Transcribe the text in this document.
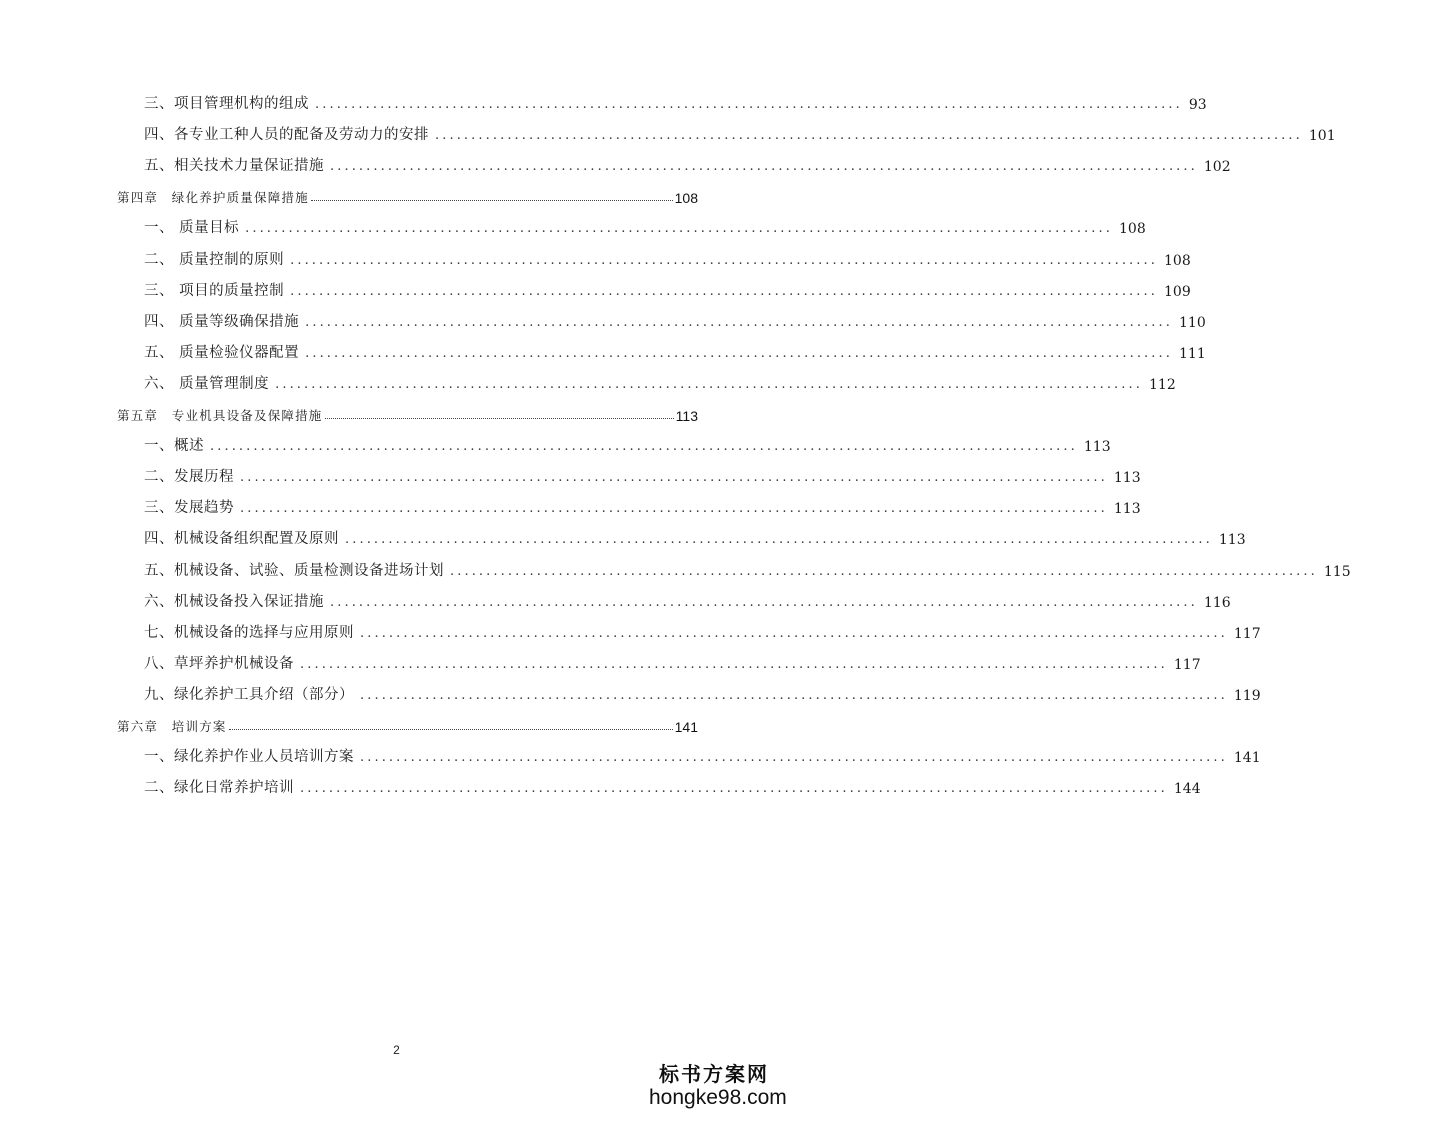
三、项目管理机构的组成 ........................................................................................................................ 93
四、各专业工种人员的配备及劳动力的安排 ........................................................................................................................ 101
五、相关技术力量保证措施 ........................................................................................................................ 102
第四章　绿化养护质量保障措施	108
一、 质量目标 ........................................................................................................................ 108
二、 质量控制的原则 ........................................................................................................................ 108
三、 项目的质量控制 ........................................................................................................................ 109
四、 质量等级确保措施 ........................................................................................................................ 110
五、 质量检验仪器配置 ........................................................................................................................ 111
六、 质量管理制度 ........................................................................................................................ 112
第五章　专业机具设备及保障措施	113
一、概述 ........................................................................................................................ 113
二、发展历程 ........................................................................................................................ 113
三、发展趋势 ........................................................................................................................ 113
四、机械设备组织配置及原则 ........................................................................................................................ 113
五、机械设备、试验、质量检测设备进场计划 ........................................................................................................................ 115
六、机械设备投入保证措施 ........................................................................................................................ 116
七、机械设备的选择与应用原则 ........................................................................................................................ 117
八、草坪养护机械设备 ........................................................................................................................ 117
九、绿化养护工具介绍（部分） ........................................................................................................................ 119
第六章　培训方案	141
一、绿化养护作业人员培训方案 ........................................................................................................................ 141
二、绿化日常养护培训 ........................................................................................................................ 144
2
标书方案网
hongke98.com
